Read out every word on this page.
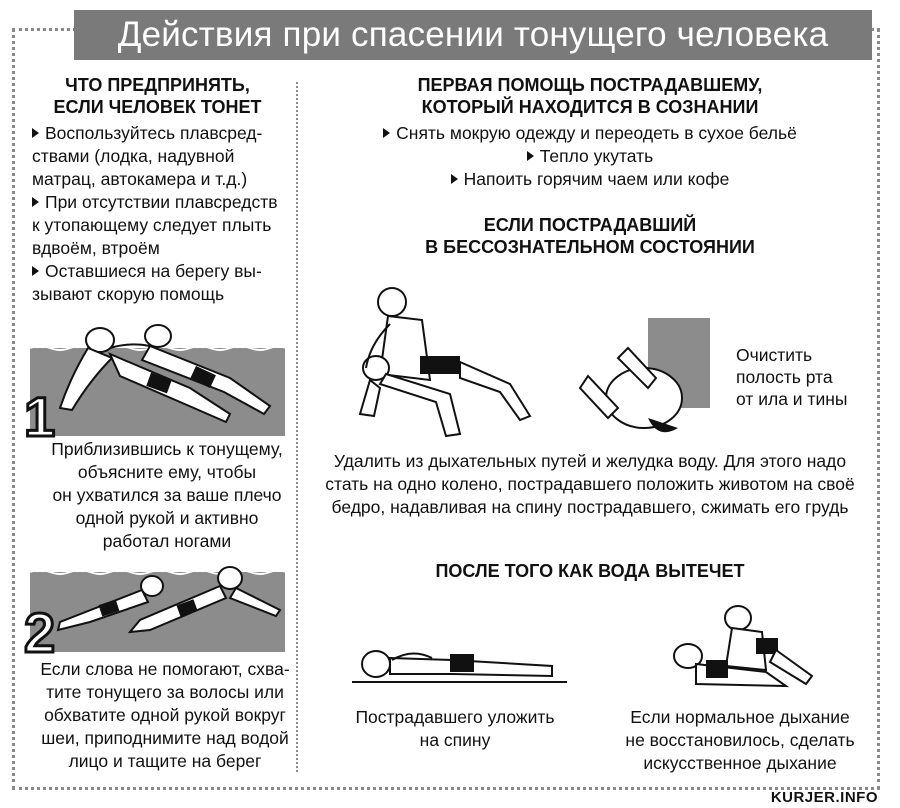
Действия при спасении тонущего человека
ЧТО ПРЕДПРИНЯТЬ,
ЕСЛИ ЧЕЛОВЕК ТОНЕТ
Воспользуйтесь плавсред-
ствами (лодка, надувной
матрац, автокамера и т.д.)
При отсутствии плавсредств
к утопающему следует плыть
вдвоём, втроём
Оставшиеся на берегу вы-
зывают скорую помощь
1
Приблизившись к тонущему,
объясните ему, чтобы
он ухватился за ваше плечо
одной рукой и активно
работал ногами
2
Если слова не помогают, схва-
тите тонущего за волосы или
обхватите одной рукой вокруг
шеи, приподнимите над водой
лицо и тащите на берег
ПЕРВАЯ ПОМОЩЬ ПОСТРАДАВШЕМУ,
КОТОРЫЙ НАХОДИТСЯ В СОЗНАНИИ
Снять мокрую одежду и переодеть в сухое бельё
Тепло укутать
Напоить горячим чаем или кофе
ЕСЛИ ПОСТРАДАВШИЙ
В БЕССОЗНАТЕЛЬНОМ СОСТОЯНИИ
Очистить
полость рта
от ила и тины
Удалить из дыхательных путей и желудка воду. Для этого надо
стать на одно колено, пострадавшего положить животом на своё
бедро, надавливая на спину пострадавшего, сжимать его грудь
ПОСЛЕ ТОГО КАК ВОДА ВЫТЕЧЕТ
Пострадавшего уложить
на спину
Если нормальное дыхание
не восстановилось, сделать
искусственное дыхание
KURJER.INFO
